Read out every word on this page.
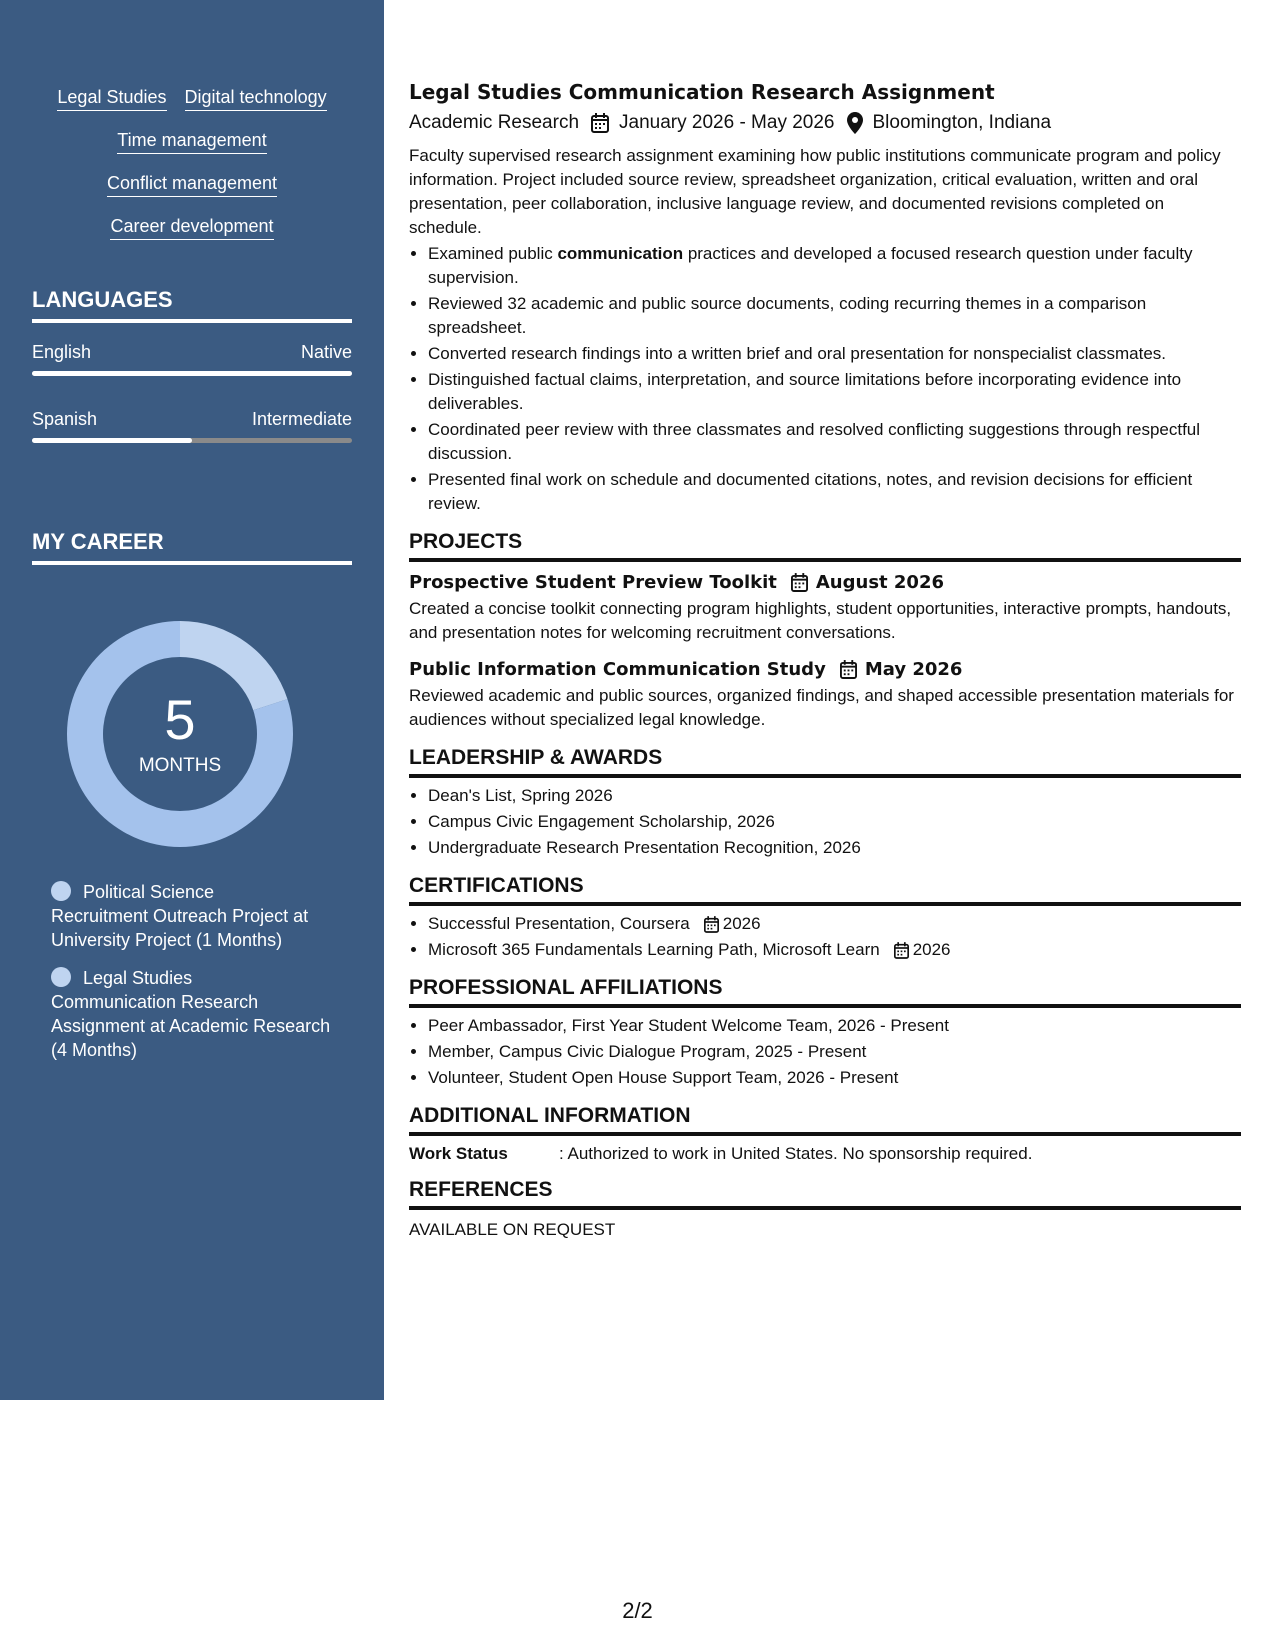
Legal Studies Digital technology
Time management
Conflict management
Career development
LANGUAGES
English	Native
Spanish	Intermediate
MY CAREER
5
MONTHS
Political Science
Recruitment Outreach Project at University Project (1 Months)
Legal Studies
Communication Research Assignment at Academic Research (4 Months)
Legal Studies Communication Research Assignment
Academic Research January 2026 - May 2026 Bloomington, Indiana
Faculty supervised research assignment examining how public institutions communicate program and policy information. Project included source review, spreadsheet organization, critical evaluation, written and oral presentation, peer collaboration, inclusive language review, and documented revisions completed on schedule.
• Examined public communication practices and developed a focused research question under faculty supervision.
• Reviewed 32 academic and public source documents, coding recurring themes in a comparison spreadsheet.
• Converted research findings into a written brief and oral presentation for nonspecialist classmates.
• Distinguished factual claims, interpretation, and source limitations before incorporating evidence into deliverables.
• Coordinated peer review with three classmates and resolved conflicting suggestions through respectful discussion.
• Presented final work on schedule and documented citations, notes, and revision decisions for efficient review.
PROJECTS
Prospective Student Preview Toolkit August 2026
Created a concise toolkit connecting program highlights, student opportunities, interactive prompts, handouts, and presentation notes for welcoming recruitment conversations.
Public Information Communication Study May 2026
Reviewed academic and public sources, organized findings, and shaped accessible presentation materials for audiences without specialized legal knowledge.
LEADERSHIP & AWARDS
• Dean's List, Spring 2026
• Campus Civic Engagement Scholarship, 2026
• Undergraduate Research Presentation Recognition, 2026
CERTIFICATIONS
• Successful Presentation, Coursera 2026
• Microsoft 365 Fundamentals Learning Path, Microsoft Learn 2026
PROFESSIONAL AFFILIATIONS
• Peer Ambassador, First Year Student Welcome Team, 2026 - Present
• Member, Campus Civic Dialogue Program, 2025 - Present
• Volunteer, Student Open House Support Team, 2026 - Present
ADDITIONAL INFORMATION
Work Status	: Authorized to work in United States. No sponsorship required.
REFERENCES
AVAILABLE ON REQUEST
2/2
